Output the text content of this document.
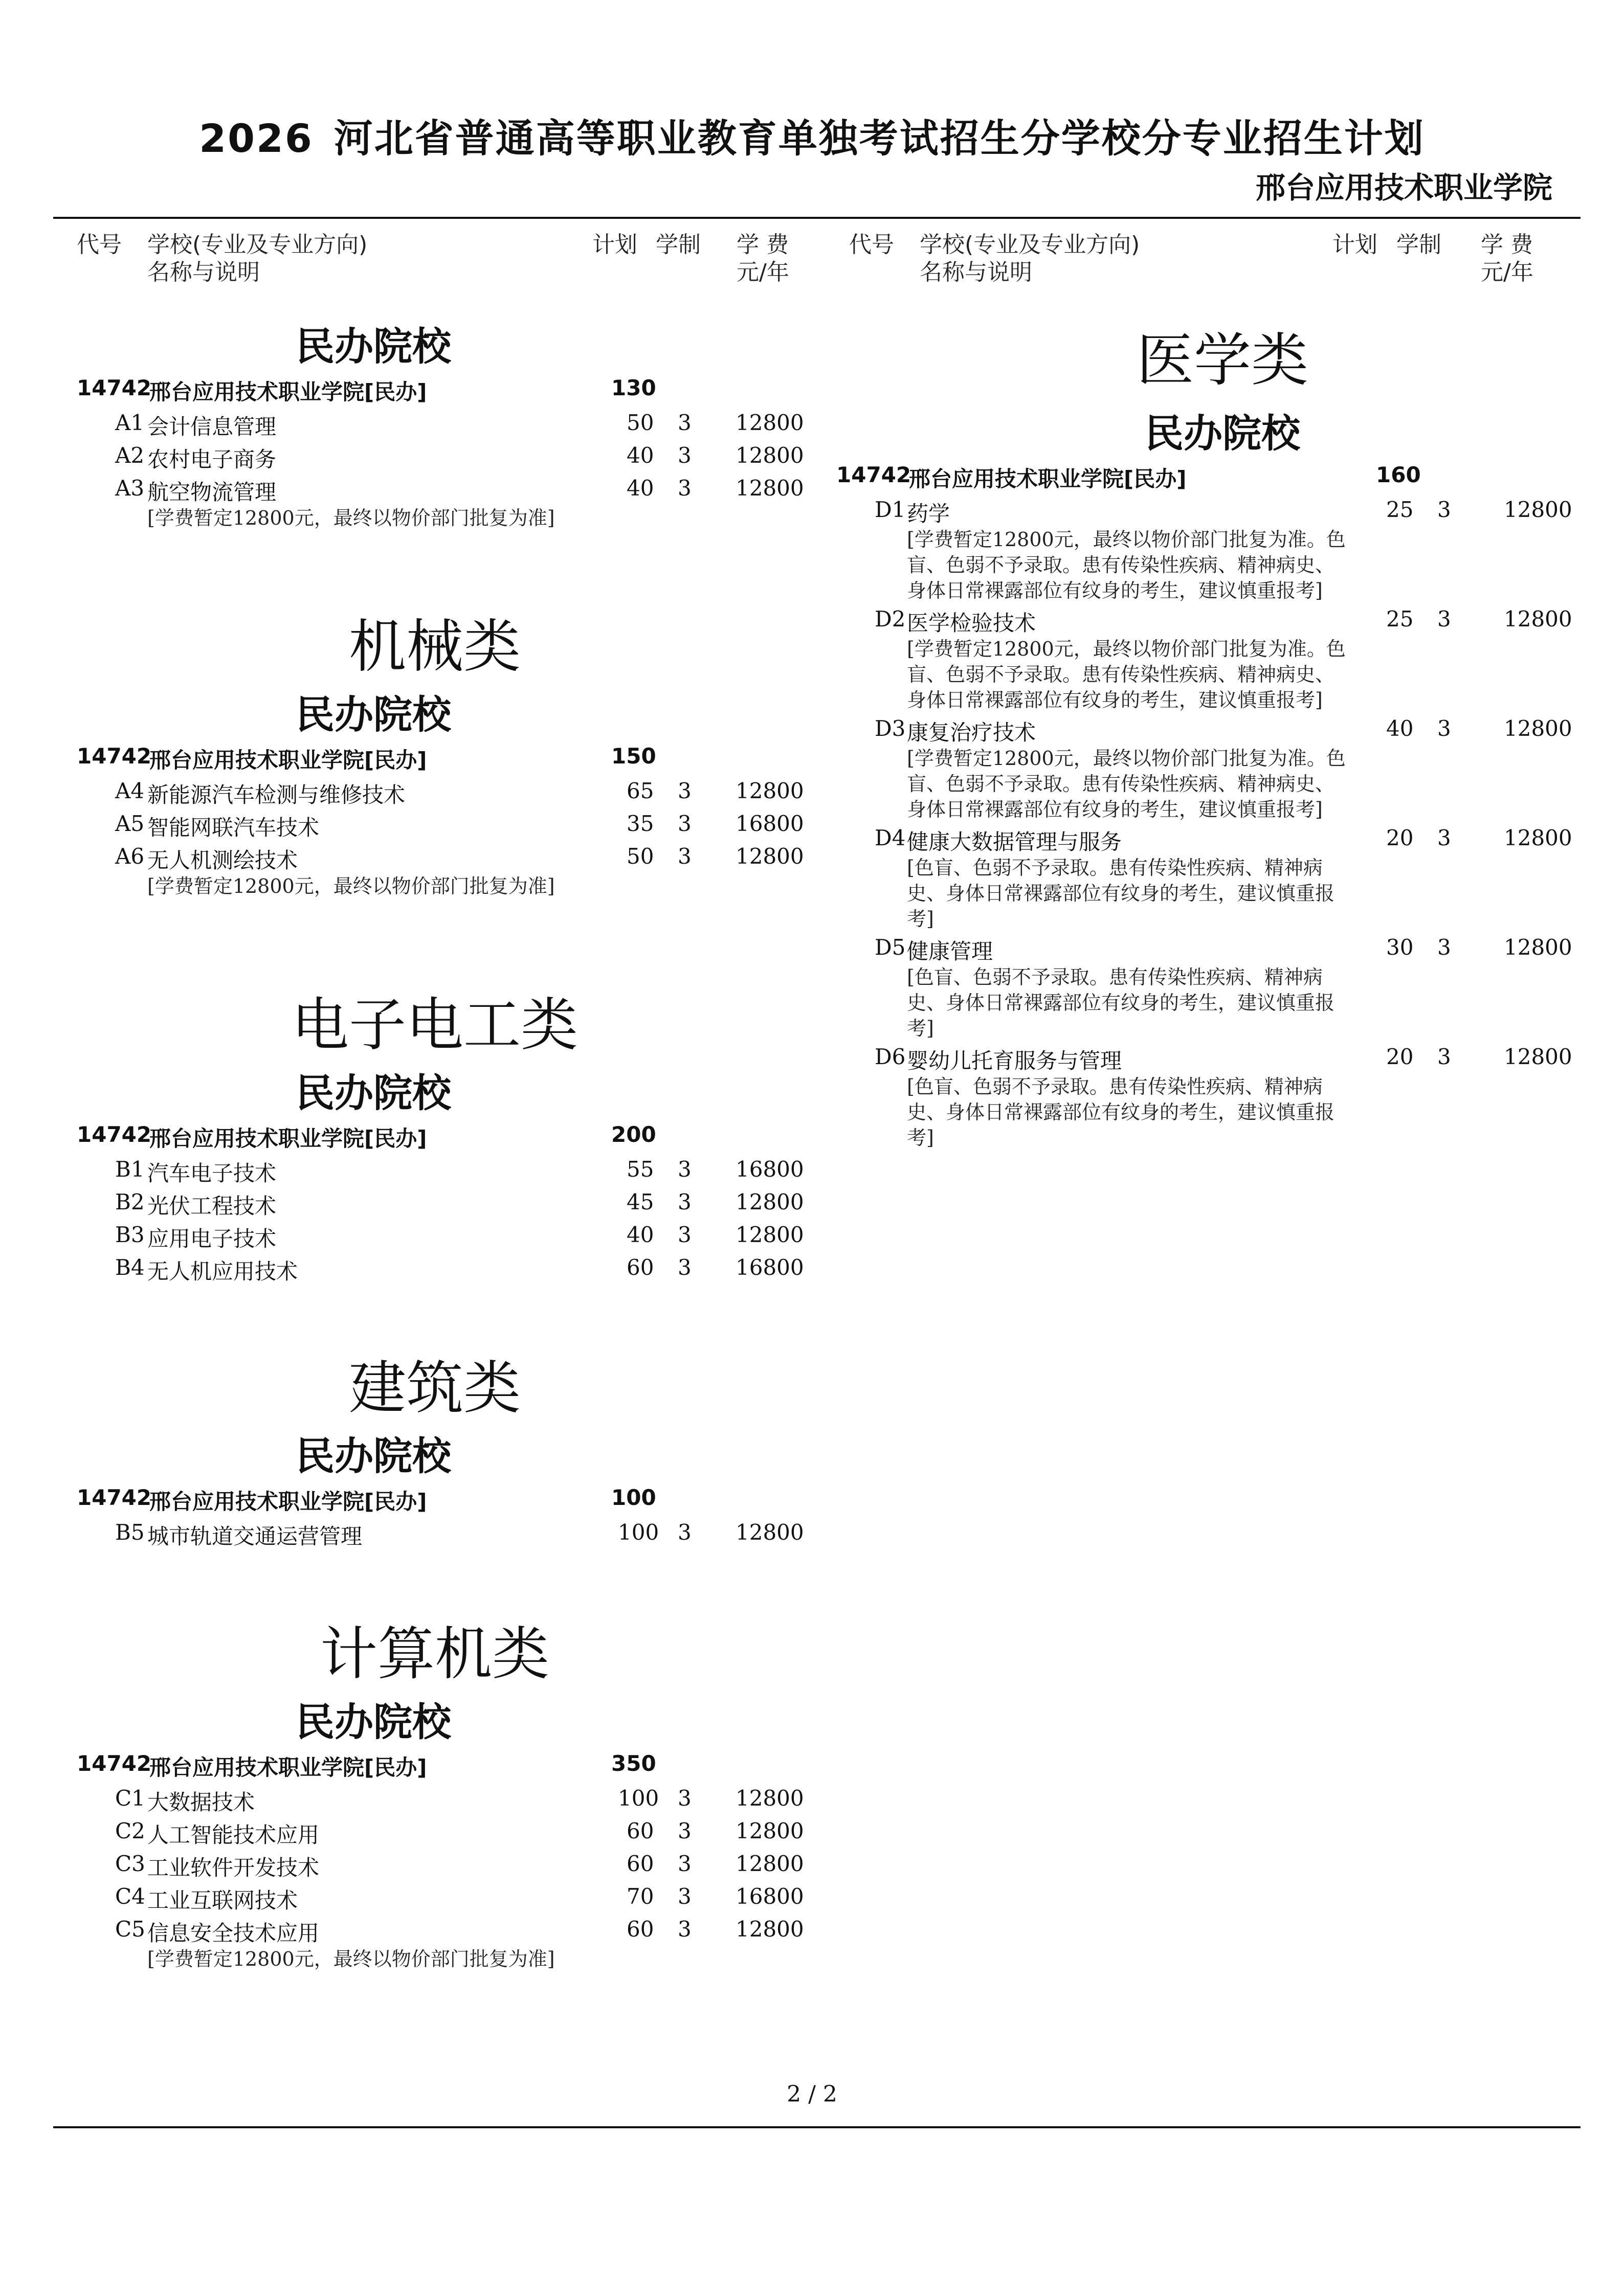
2026 河北省普通高等职业教育单独考试招生分学校分专业招生计划
邢台应用技术职业学院
代号 学校(专业及专业方向)
名称与说明
计划 学制 学 费
元/年
代号 学校(专业及专业方向)
名称与说明
计划 学制 学 费
元/年
民办院校
14742
邢台应用技术职业学院[民办]	130
A1 会计信息管理	50 3 12800
A2 农村电子商务	40 3 12800
A3 航空物流管理	40 3 12800
[学费暂定12800元，最终以物价部门批复为准]
机械类
民办院校
14742
邢台应用技术职业学院[民办]	150
A4 新能源汽车检测与维修技术	65 3 12800
A5 智能网联汽车技术	35 3 16800
A6 无人机测绘技术	50 3 12800
[学费暂定12800元，最终以物价部门批复为准]
电子电工类
民办院校
14742
邢台应用技术职业学院[民办]	200
B1 汽车电子技术	55 3 16800
B2 光伏工程技术	45 3 12800
B3 应用电子技术	40 3 12800
B4 无人机应用技术	60 3 16800
建筑类
民办院校
14742
邢台应用技术职业学院[民办]	100
B5 城市轨道交通运营管理	100 3 12800
计算机类
民办院校
14742
邢台应用技术职业学院[民办]	350
C1 大数据技术	100 3 12800
C2 人工智能技术应用	60 3 12800
C3 工业软件开发技术	60 3 12800
C4 工业互联网技术	70 3 16800
C5 信息安全技术应用	60 3 12800
[学费暂定12800元，最终以物价部门批复为准]
医学类
民办院校
14742
邢台应用技术职业学院[民办]	160
D1 药学	25 3 12800
[学费暂定12800元，最终以物价部门批复为准。色盲、色弱不予录取。患有传染性疾病、精神病史、身体日常裸露部位有纹身的考生，建议慎重报考]
D2 医学检验技术	25 3 12800
[学费暂定12800元，最终以物价部门批复为准。色盲、色弱不予录取。患有传染性疾病、精神病史、身体日常裸露部位有纹身的考生，建议慎重报考]
D3 康复治疗技术	40 3 12800
[学费暂定12800元，最终以物价部门批复为准。色盲、色弱不予录取。患有传染性疾病、精神病史、身体日常裸露部位有纹身的考生，建议慎重报考]
D4 健康大数据管理与服务	20 3 12800
[色盲、色弱不予录取。患有传染性疾病、精神病史、身体日常裸露部位有纹身的考生，建议慎重报考]
D5 健康管理	30 3 12800
[色盲、色弱不予录取。患有传染性疾病、精神病史、身体日常裸露部位有纹身的考生，建议慎重报考]
D6 婴幼儿托育服务与管理	20 3 12800
[色盲、色弱不予录取。患有传染性疾病、精神病史、身体日常裸露部位有纹身的考生，建议慎重报考]
2 / 2
